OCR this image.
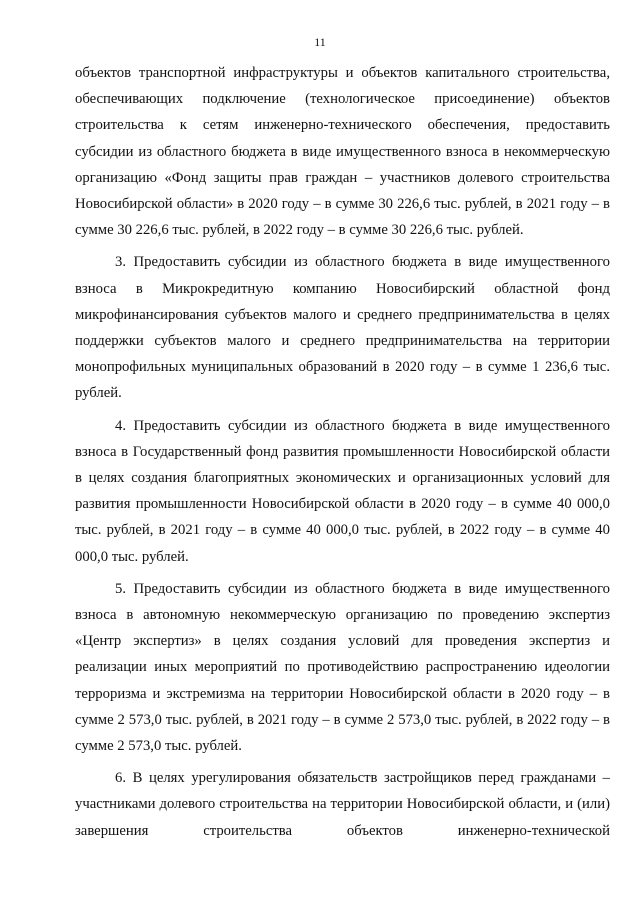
11

объектов транспортной инфраструктуры и объектов капитального строительства, обеспечивающих подключение (технологическое присоединение) объектов строительства к сетям инженерно-технического обеспечения, предоставить субсидии из областного бюджета в виде имущественного взноса в некоммерческую организацию «Фонд защиты прав граждан – участников долевого строительства Новосибирской области» в 2020 году – в сумме 30 226,6 тыс. рублей, в 2021 году – в сумме 30 226,6 тыс. рублей, в 2022 году – в сумме 30 226,6 тыс. рублей.

3. Предоставить субсидии из областного бюджета в виде имущественного взноса в Микрокредитную компанию Новосибирский областной фонд микрофинансирования субъектов малого и среднего предпринимательства в целях поддержки субъектов малого и среднего предпринимательства на территории монопрофильных муниципальных образований в 2020 году – в сумме 1 236,6 тыс. рублей.

4. Предоставить субсидии из областного бюджета в виде имущественного взноса в Государственный фонд развития промышленности Новосибирской области в целях создания благоприятных экономических и организационных условий для развития промышленности Новосибирской области в 2020 году – в сумме 40 000,0 тыс. рублей, в 2021 году – в сумме 40 000,0 тыс. рублей, в 2022 году – в сумме 40 000,0 тыс. рублей.

5. Предоставить субсидии из областного бюджета в виде имущественного взноса в автономную некоммерческую организацию по проведению экспертиз «Центр экспертиз» в целях создания условий для проведения экспертиз и реализации иных мероприятий по противодействию распространению идеологии терроризма и экстремизма на территории Новосибирской области в 2020 году – в сумме 2 573,0 тыс. рублей, в 2021 году – в сумме 2 573,0 тыс. рублей, в 2022 году – в сумме 2 573,0 тыс. рублей.

6. В целях урегулирования обязательств застройщиков перед гражданами – участниками долевого строительства на территории Новосибирской области, и (или) завершения строительства объектов инженерно-технической
